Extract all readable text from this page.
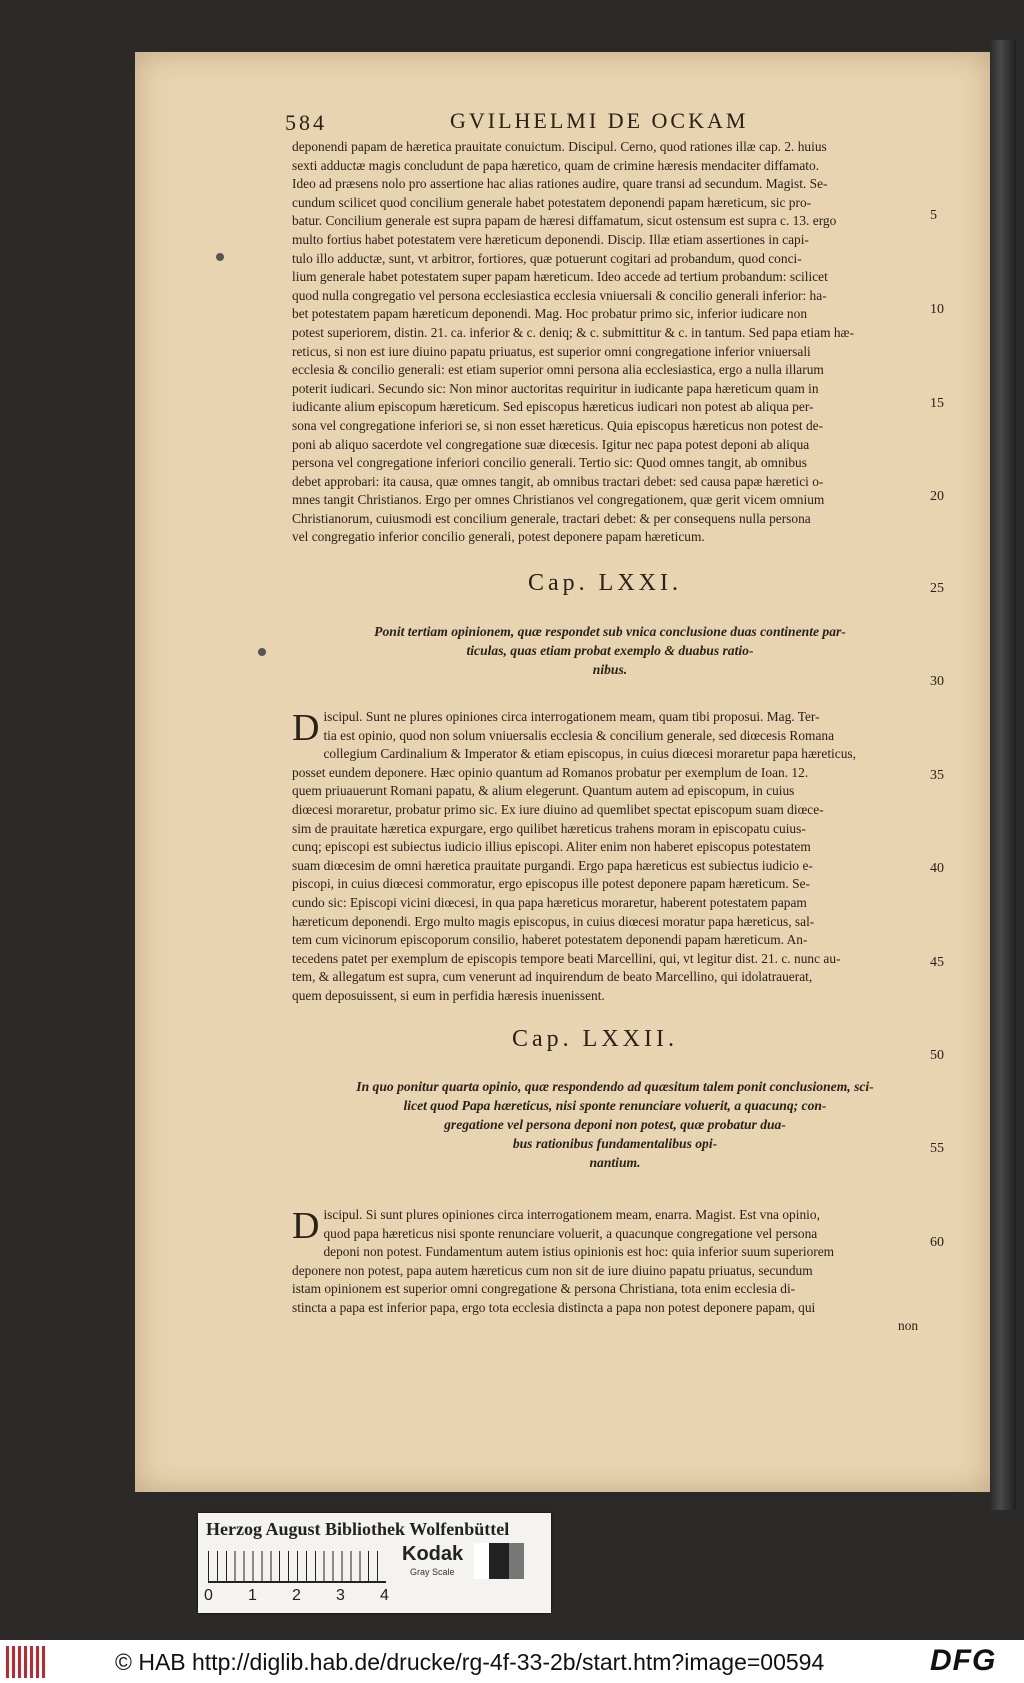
584	GVILHELMI DE OCKAM

deponendi papam de hæretica prauitate conuictum. Discipul. Cerno, quod rationes illæ cap. 2. huius

sexti adductæ magis concludunt de papa hæretico, quam de crimine hæresis mendaciter diffamato.

Ideo ad præsens nolo pro assertione hac alias rationes audire, quare transi ad secundum. Magist. Se-

cundum scilicet quod concilium generale habet potestatem deponendi papam hæreticum, sic pro-

batur. Concilium generale est supra papam de hæresi diffamatum, sicut ostensum est supra c. 13. ergo

multo fortius habet potestatem vere hæreticum deponendi. Discip. Illæ etiam assertiones in capi-

tulo illo adductæ, sunt, vt arbitror, fortiores, quæ potuerunt cogitari ad probandum, quod conci-

lium generale habet potestatem super papam hæreticum. Ideo accede ad tertium probandum: scilicet

quod nulla congregatio vel persona ecclesiastica ecclesia vniuersali & concilio generali inferior: ha-

bet potestatem papam hæreticum deponendi. Mag. Hoc probatur primo sic, inferior iudicare non

potest superiorem, distin. 21. ca. inferior & c. deniq; & c. submittitur & c. in tantum. Sed papa etiam hæ-

reticus, si non est iure diuino papatu priuatus, est superior omni congregatione inferior vniuersali

ecclesia & concilio generali: est etiam superior omni persona alia ecclesiastica, ergo a nulla illarum

poterit iudicari. Secundo sic: Non minor auctoritas requiritur in iudicante papa hæreticum quam in

iudicante alium episcopum hæreticum. Sed episcopus hæreticus iudicari non potest ab aliqua per-

sona vel congregatione inferiori se, si non esset hæreticus. Quia episcopus hæreticus non potest de-

poni ab aliquo sacerdote vel congregatione suæ diœcesis. Igitur nec papa potest deponi ab aliqua

persona vel congregatione inferiori concilio generali. Tertio sic: Quod omnes tangit, ab omnibus

debet approbari: ita causa, quæ omnes tangit, ab omnibus tractari debet: sed causa papæ hæretici o-

mnes tangit Christianos. Ergo per omnes Christianos vel congregationem, quæ gerit vicem omnium

Christianorum, cuiusmodi est concilium generale, tractari debet: & per consequens nulla persona

vel congregatio inferior concilio generali, potest deponere papam hæreticum.

5
10
15
20
25
30
35
40
45
50
55
60
Cap. LXXI.
Ponit tertiam opinionem, quæ respondet sub vnica conclusione duas continente par-
ticulas, quas etiam probat exemplo & duabus ratio-
nibus.
D iscipul. Sunt ne plures opiniones circa interrogationem meam, quam tibi proposui. Mag. Ter-

tia est opinio, quod non solum vniuersalis ecclesia & concilium generale, sed diœcesis Romana

collegium Cardinalium & Imperator & etiam episcopus, in cuius diœcesi moraretur papa hæreticus,

posset eundem deponere. Hæc opinio quantum ad Romanos probatur per exemplum de Ioan. 12.

quem priuauerunt Romani papatu, & alium elegerunt. Quantum autem ad episcopum, in cuius

diœcesi moraretur, probatur primo sic. Ex iure diuino ad quemlibet spectat episcopum suam diœce-

sim de prauitate hæretica expurgare, ergo quilibet hæreticus trahens moram in episcopatu cuius-

cunq; episcopi est subiectus iudicio illius episcopi. Aliter enim non haberet episcopus potestatem

suam diœcesim de omni hæretica prauitate purgandi. Ergo papa hæreticus est subiectus iudicio e-

piscopi, in cuius diœcesi commoratur, ergo episcopus ille potest deponere papam hæreticum. Se-

cundo sic: Episcopi vicini diœcesi, in qua papa hæreticus moraretur, haberent potestatem papam

hæreticum deponendi. Ergo multo magis episcopus, in cuius diœcesi moratur papa hæreticus, sal-

tem cum vicinorum episcoporum consilio, haberet potestatem deponendi papam hæreticum. An-

tecedens patet per exemplum de episcopis tempore beati Marcellini, qui, vt legitur dist. 21. c. nunc au-

tem, & allegatum est supra, cum venerunt ad inquirendum de beato Marcellino, qui idolatrauerat,

quem deposuissent, si eum in perfidia hæresis inuenissent.

Cap. LXXII.
In quo ponitur quarta opinio, quæ respondendo ad quæsitum talem ponit conclusionem, sci-
licet quod Papa hæreticus, nisi sponte renunciare voluerit, a quacunq; con-
gregatione vel persona deponi non potest, quæ probatur dua-
bus rationibus fundamentalibus opi-
nantium.
D iscipul. Si sunt plures opiniones circa interrogationem meam, enarra. Magist. Est vna opinio,

quod papa hæreticus nisi sponte renunciare voluerit, a quacunque congregatione vel persona

deponi non potest. Fundamentum autem istius opinionis est hoc: quia inferior suum superiorem

deponere non potest, papa autem hæreticus cum non sit de iure diuino papatu priuatus, secundum

istam opinionem est superior omni congregatione & persona Christiana, tota enim ecclesia di-

stincta a papa est inferior papa, ergo tota ecclesia distincta a papa non potest deponere papam, qui

non
Herzog August Bibliothek Wolfenbüttel
0 1 2 3 4
Kodak
Gray Scale
© HAB http://diglib.hab.de/drucke/rg-4f-33-2b/start.htm?image=00594	DFG
